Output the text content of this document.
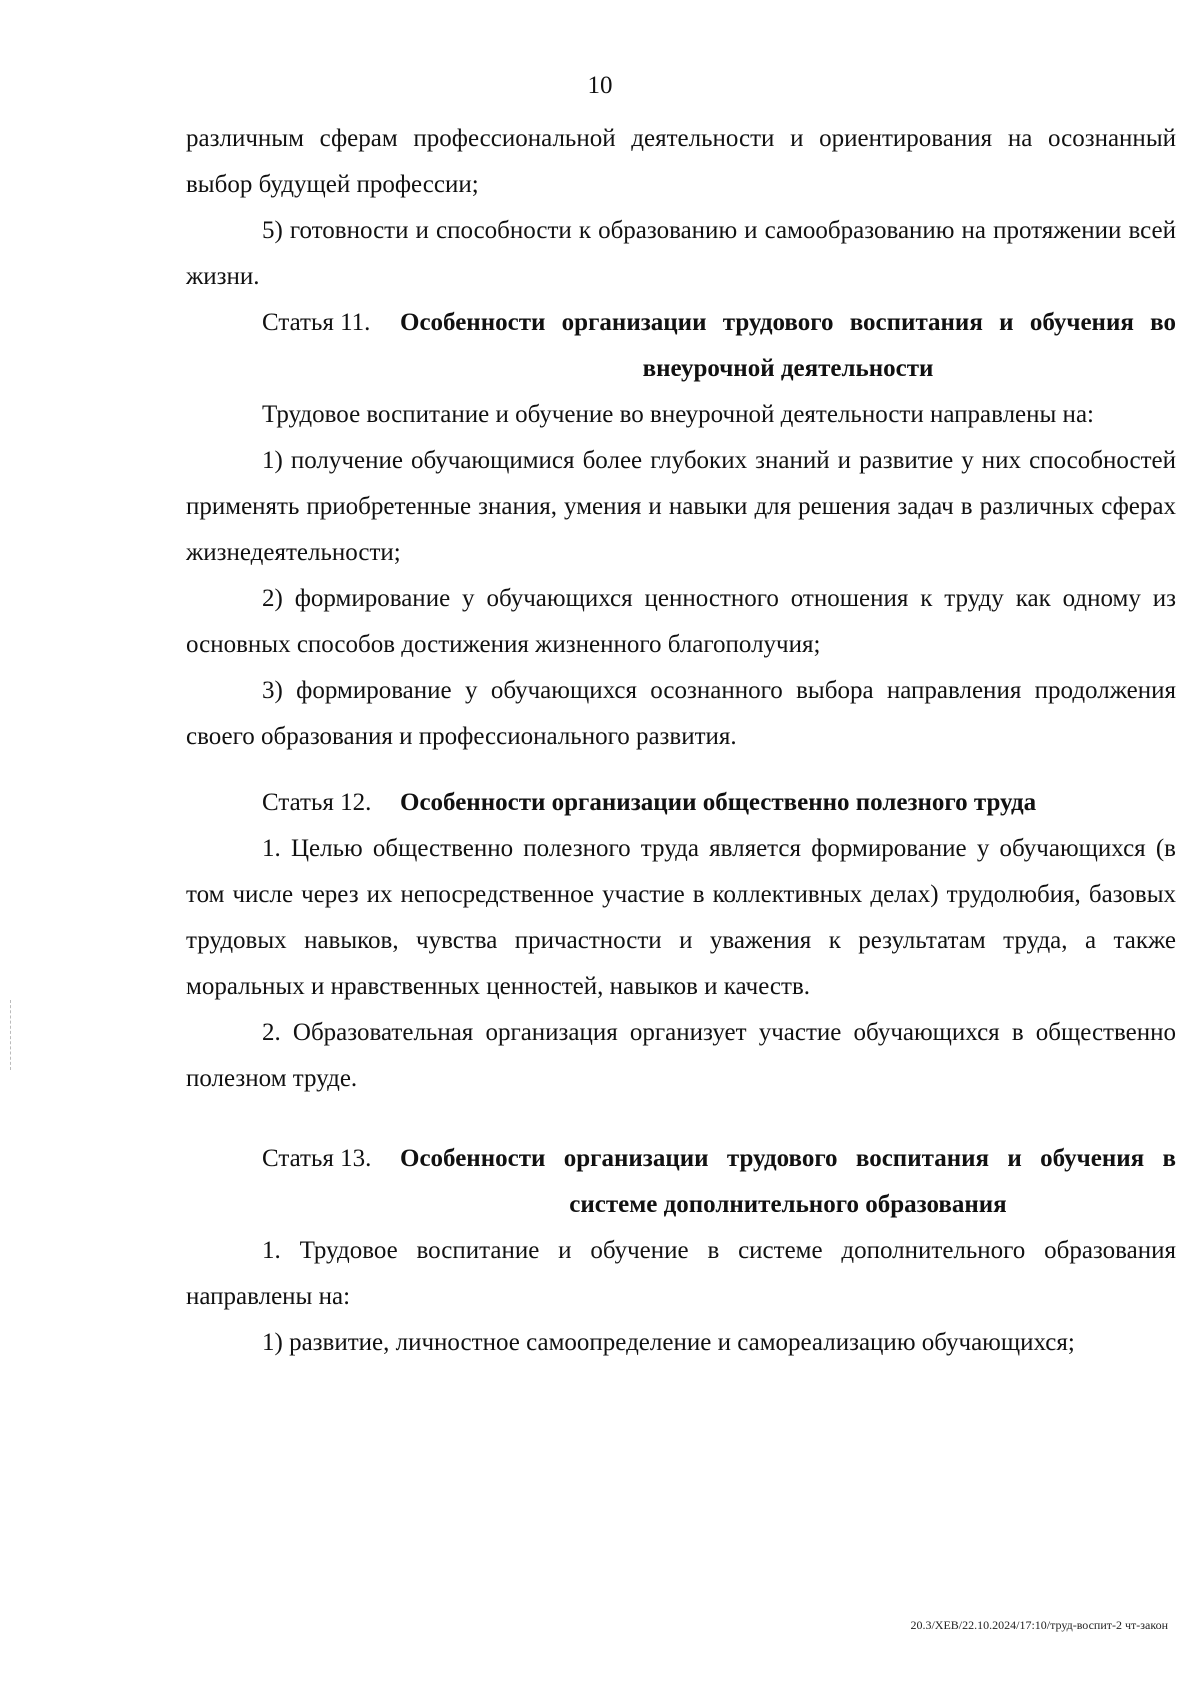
10

различным сферам профессиональной деятельности и ориентирования на осознанный выбор будущей профессии;

5) готовности и способности к образованию и самообразованию на протяжении всей жизни.

Статья 11.	Особенности организации трудового воспитания и обучения во внеурочной деятельности

Трудовое воспитание и обучение во внеурочной деятельности направлены на:

1) получение обучающимися более глубоких знаний и развитие у них способностей применять приобретенные знания, умения и навыки для решения задач в различных сферах жизнедеятельности;

2) формирование у обучающихся ценностного отношения к труду как одному из основных способов достижения жизненного благополучия;

3) формирование у обучающихся осознанного выбора направления продолжения своего образования и профессионального развития.

Статья 12.	Особенности организации общественно полезного труда

1. Целью общественно полезного труда является формирование у обучающихся (в том числе через их непосредственное участие в коллективных делах) трудолюбия, базовых трудовых навыков, чувства причастности и уважения к результатам труда, а также моральных и нравственных ценностей, навыков и качеств.

2. Образовательная организация организует участие обучающихся в общественно полезном труде.

Статья 13.	Особенности организации трудового воспитания и обучения в системе дополнительного образования

1. Трудовое воспитание и обучение в системе дополнительного образования направлены на:

1) развитие, личностное самоопределение и самореализацию обучающихся;

20.3/XEB/22.10.2024/17:10/труд-воспит-2 чт-закон
